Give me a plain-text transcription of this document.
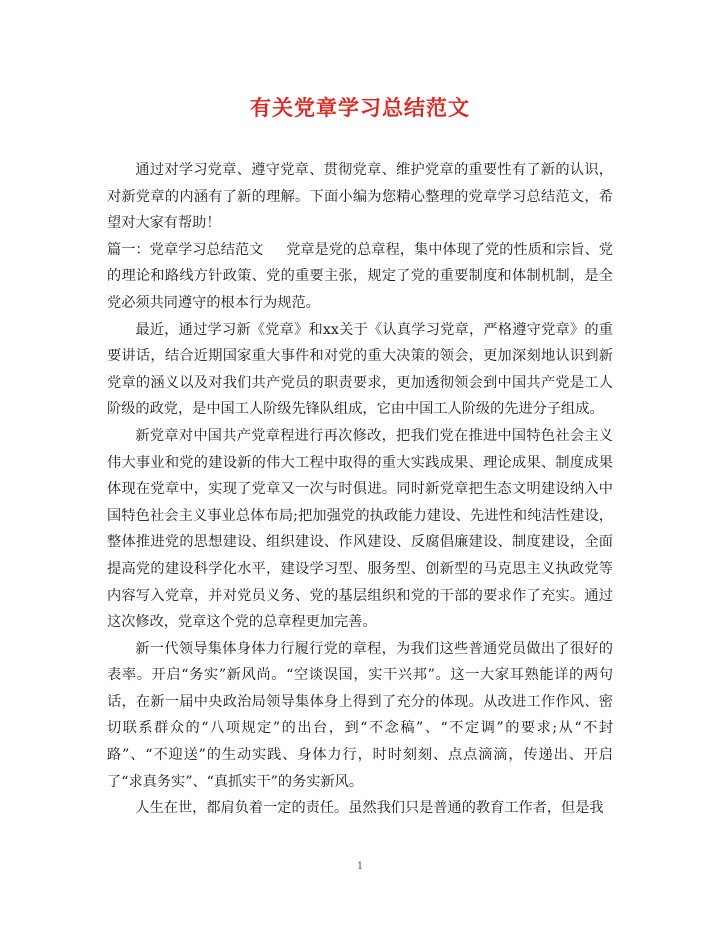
有关党章学习总结范文

通过对学习党章、遵守党章、贯彻党章、维护党章的重要性有了新的认识，对新党章的内涵有了新的理解。下面小编为您精心整理的党章学习总结范文，希望对大家有帮助！

篇一：党章学习总结范文 党章是党的总章程，集中体现了党的性质和宗旨、党的理论和路线方针政策、党的重要主张，规定了党的重要制度和体制机制，是全党必须共同遵守的根本行为规范。

最近，通过学习新《党章》和xx关于《认真学习党章，严格遵守党章》的重要讲话，结合近期国家重大事件和对党的重大决策的领会，更加深刻地认识到新党章的涵义以及对我们共产党员的职责要求，更加透彻领会到中国共产党是工人阶级的政党，是中国工人阶级先锋队组成，它由中国工人阶级的先进分子组成。

新党章对中国共产党章程进行再次修改，把我们党在推进中国特色社会主义伟大事业和党的建设新的伟大工程中取得的重大实践成果、理论成果、制度成果体现在党章中，实现了党章又一次与时俱进。同时新党章把生态文明建设纳入中国特色社会主义事业总体布局;把加强党的执政能力建设、先进性和纯洁性建设，整体推进党的思想建设、组织建设、作风建设、反腐倡廉建设、制度建设，全面提高党的建设科学化水平，建设学习型、服务型、创新型的马克思主义执政党等内容写入党章，并对党员义务、党的基层组织和党的干部的要求作了充实。通过这次修改，党章这个党的总章程更加完善。

新一代领导集体身体力行履行党的章程，为我们这些普通党员做出了很好的表率。开启“务实”新风尚。“空谈误国，实干兴邦”。这一大家耳熟能详的两句话，在新一届中央政治局领导集体身上得到了充分的体现。从改进工作作风、密切联系群众的“八项规定”的出台，到“不念稿”、“不定调”的要求;从“不封路”、“不迎送”的生动实践、身体力行，时时刻刻、点点滴滴，传递出、开启了“求真务实”、“真抓实干”的务实新风。

人生在世，都肩负着一定的责任。虽然我们只是普通的教育工作者，但是我

1
